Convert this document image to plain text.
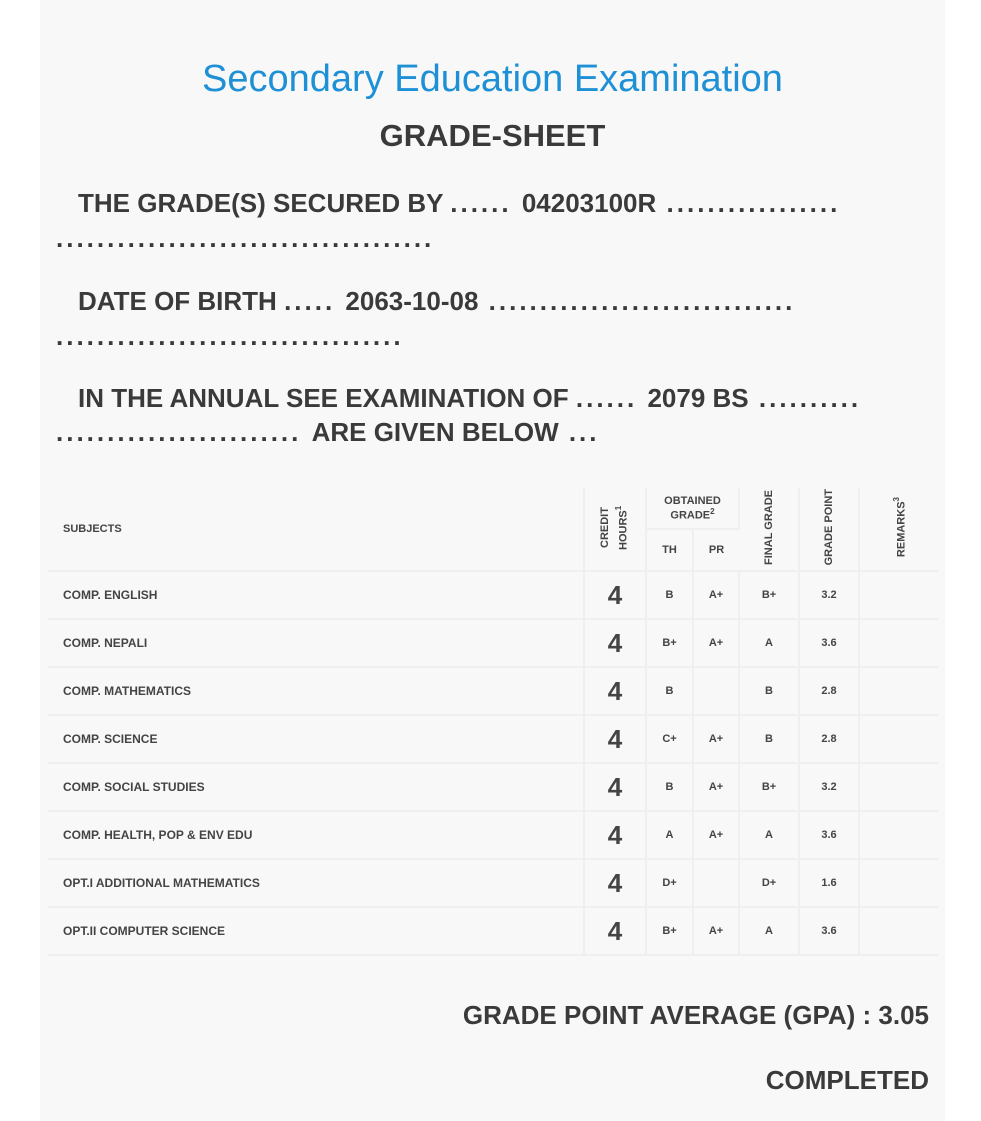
Secondary Education Examination
GRADE-SHEET
THE GRADE(S) SECURED BY ...... 04203100R .................
.....................................
DATE OF BIRTH ..... 2063-10-08 ..............................
..................................
IN THE ANNUAL SEE EXAMINATION OF ...... 2079 BS ..........
........................ ARE GIVEN BELOW ...
SUBJECTS	CREDIT HOURS$^1$	OBTAINED GRADE$^2$		FINAL GRADE	GRADE POINT	REMARKS$^3$
		TH	PR			
COMP. ENGLISH	4	B	A+	B+	3.2	
COMP. NEPALI	4	B+	A+	A	3.6	
COMP. MATHEMATICS	4	B		B	2.8	
COMP. SCIENCE	4	C+	A+	B	2.8	
COMP. SOCIAL STUDIES	4	B	A+	B+	3.2	
COMP. HEALTH, POP & ENV EDU	4	A	A+	A	3.6	
OPT.I ADDITIONAL MATHEMATICS	4	D+		D+	1.6	
OPT.II COMPUTER SCIENCE	4	B+	A+	A	3.6	
GRADE POINT AVERAGE (GPA) : 3.05
COMPLETED
